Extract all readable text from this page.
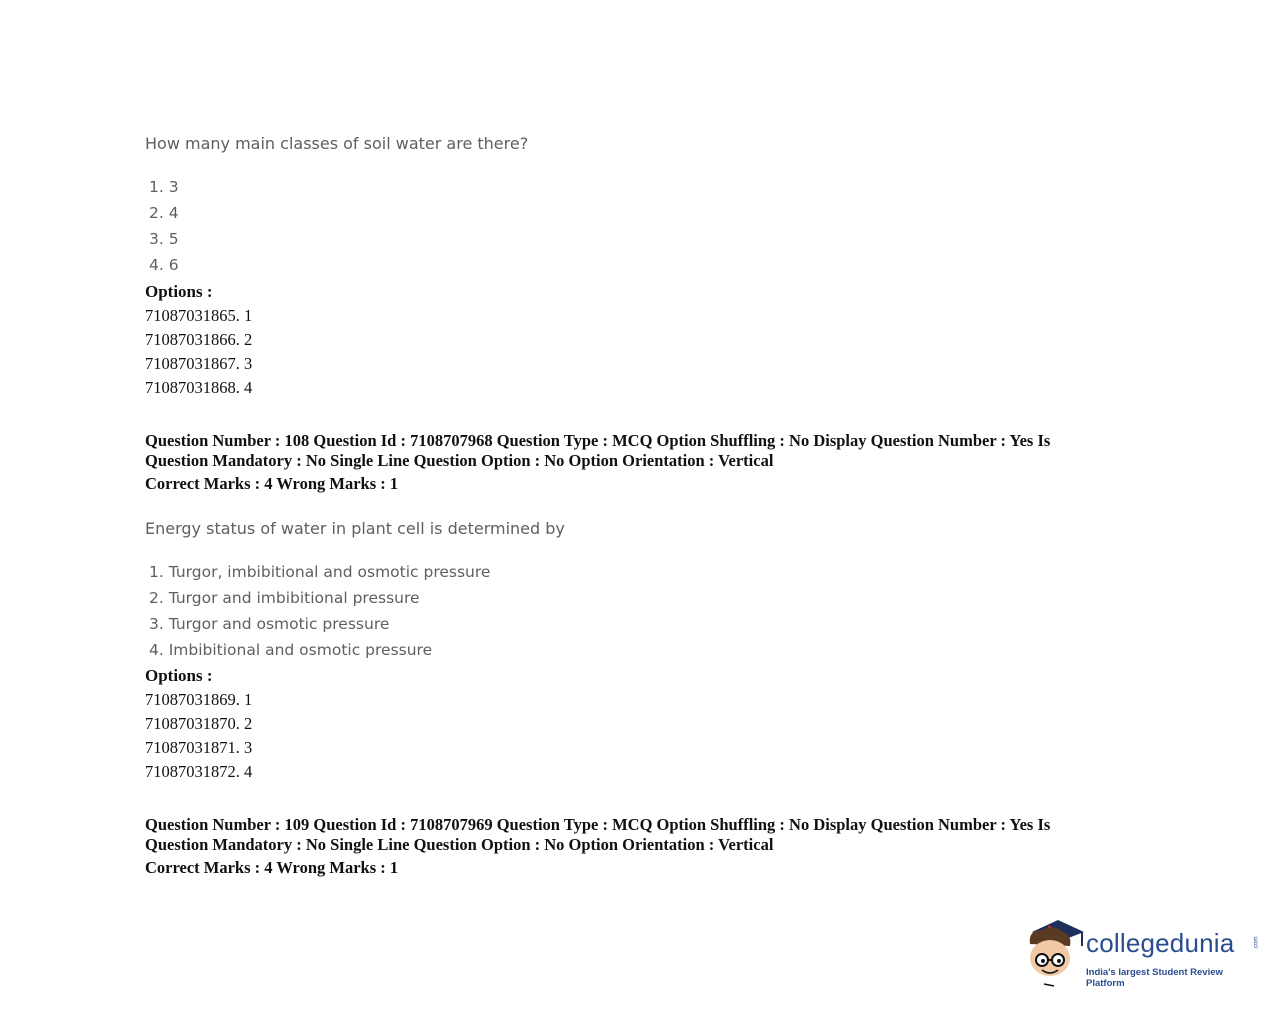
How many main classes of soil water are there?
1. 3
2. 4
3. 5
4. 6
Options :
71087031865. 1
71087031866. 2
71087031867. 3
71087031868. 4
Question Number : 108 Question Id : 7108707968 Question Type : MCQ Option Shuffling : No Display Question Number : Yes Is
Question Mandatory : No Single Line Question Option : No Option Orientation : Vertical
Correct Marks : 4 Wrong Marks : 1
Energy status of water in plant cell is determined by
1. Turgor, imbibitional and osmotic pressure
2. Turgor and imbibitional pressure
3. Turgor and osmotic pressure
4. Imbibitional and osmotic pressure
Options :
71087031869. 1
71087031870. 2
71087031871. 3
71087031872. 4
Question Number : 109 Question Id : 7108707969 Question Type : MCQ Option Shuffling : No Display Question Number : Yes Is
Question Mandatory : No Single Line Question Option : No Option Orientation : Vertical
Correct Marks : 4 Wrong Marks : 1
collegedunia	.com
India's largest Student Review Platform
